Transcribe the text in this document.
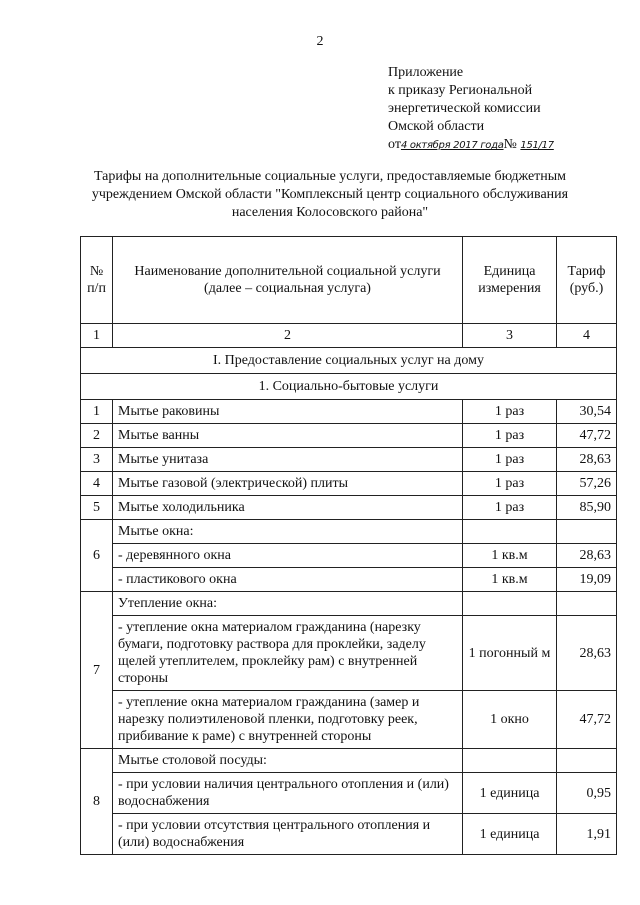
2
Приложение
к приказу Региональной
энергетической комиссии
Омской области
от4 октября 2017 года№ 151/17
Тарифы на дополнительные социальные услуги, предоставляемые бюджетным учреждением Омской области "Комплексный центр социального обслуживания населения Колосовского района"
№ п/п	Наименование дополнительной социальной услуги (далее – социальная услуга)	Единица измерения	Тариф (руб.)
1	2	3	4
I. Предоставление социальных услуг на дому			
1. Социально-бытовые услуги			
1	Мытье раковины	1 раз	30,54
2	Мытье ванны	1 раз	47,72
3	Мытье унитаза	1 раз	28,63
4	Мытье газовой (электрической) плиты	1 раз	57,26
5	Мытье холодильника	1 раз	85,90
6	Мытье окна:		
	- деревянного окна	1 кв.м	28,63
	- пластикового окна	1 кв.м	19,09
7	Утепление окна:		
	- утепление окна материалом гражданина (нарезку бумаги, подготовку раствора для проклейки, заделу щелей утеплителем, проклейку рам) с внутренней стороны	1 погонный м	28,63
	- утепление окна материалом гражданина (замер и нарезку полиэтиленовой пленки, подготовку реек, прибивание к раме) с внутренней стороны	1 окно	47,72
8	Мытье столовой посуды:		
	- при условии наличия центрального отопления и (или) водоснабжения	1 единица	0,95
	- при условии отсутствия центрального отопления и (или) водоснабжения	1 единица	1,91
